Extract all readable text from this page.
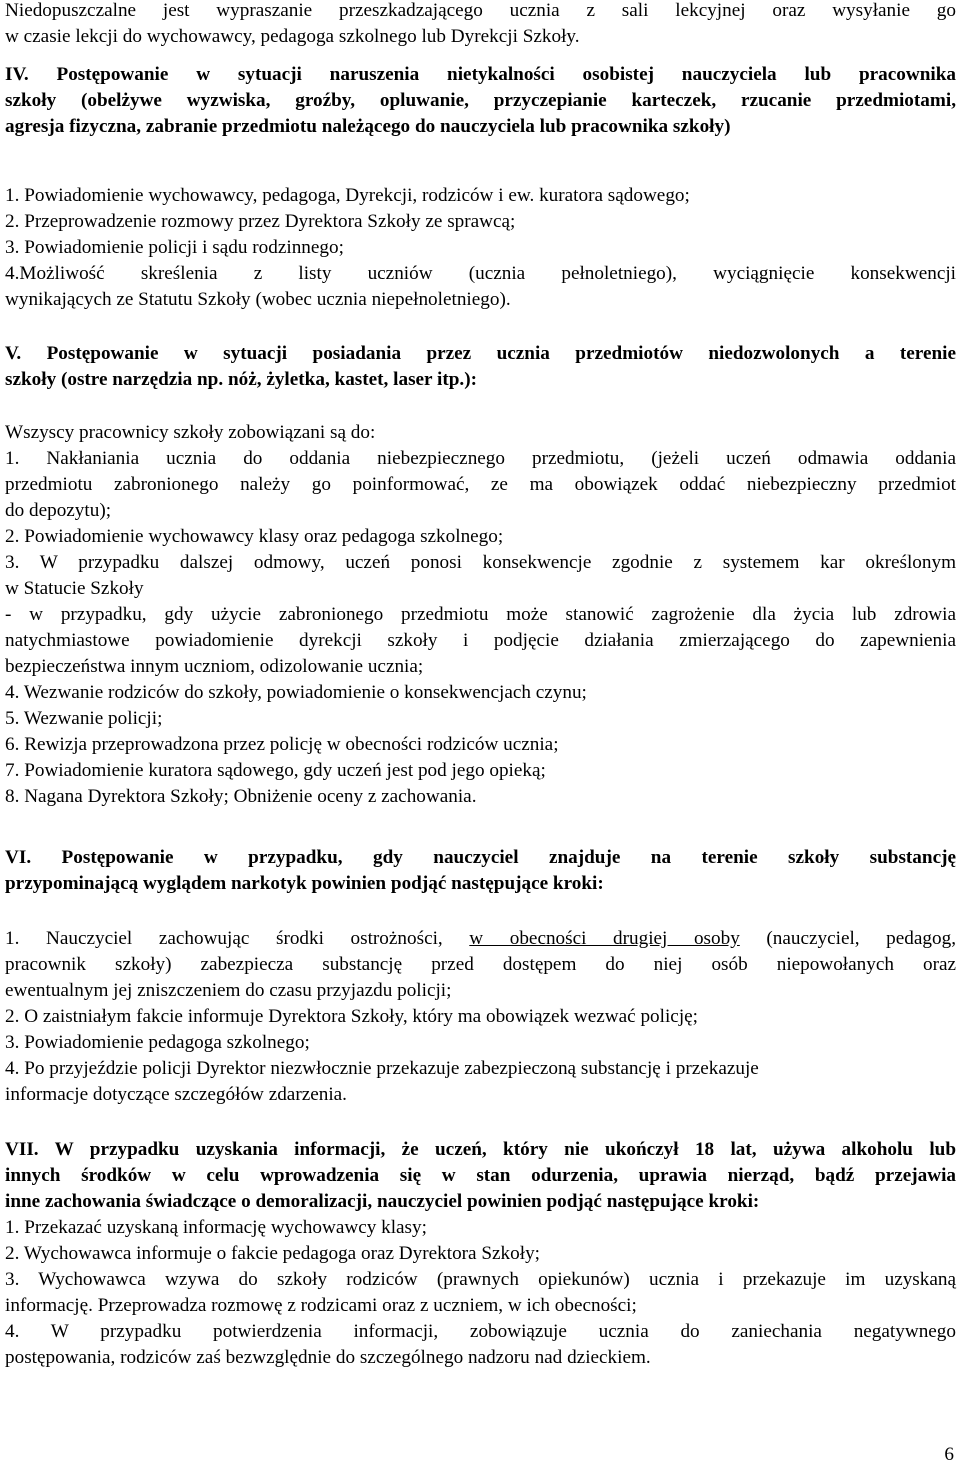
Niedopuszczalne jest wypraszanie przeszkadzającego ucznia z sali lekcyjnej oraz wysyłanie go
w czasie lekcji do wychowawcy, pedagoga szkolnego lub Dyrekcji Szkoły.
IV. Postępowanie w sytuacji naruszenia nietykalności osobistej nauczyciela lub pracownika
szkoły (obelżywe wyzwiska, groźby, opluwanie, przyczepianie karteczek, rzucanie przedmiotami,
agresja fizyczna, zabranie przedmiotu należącego do nauczyciela lub pracownika szkoły)
1. Powiadomienie wychowawcy, pedagoga, Dyrekcji, rodziców i ew. kuratora sądowego;
2. Przeprowadzenie rozmowy przez Dyrektora Szkoły ze sprawcą;
3. Powiadomienie policji i sądu rodzinnego;
4.Możliwość skreślenia z listy uczniów (ucznia pełnoletniego), wyciągnięcie konsekwencji
wynikających ze Statutu Szkoły (wobec ucznia niepełnoletniego).
V. Postępowanie w sytuacji posiadania przez ucznia przedmiotów niedozwolonych a terenie
szkoły (ostre narzędzia np. nóż, żyletka, kastet, laser itp.):
Wszyscy pracownicy szkoły zobowiązani są do:
1. Nakłaniania ucznia do oddania niebezpiecznego przedmiotu, (jeżeli uczeń odmawia oddania
przedmiotu zabronionego należy go poinformować, ze ma obowiązek oddać niebezpieczny przedmiot
do depozytu);
2. Powiadomienie wychowawcy klasy oraz pedagoga szkolnego;
3. W przypadku dalszej odmowy, uczeń ponosi konsekwencje zgodnie z systemem kar określonym
w Statucie Szkoły
- w przypadku, gdy użycie zabronionego przedmiotu może stanowić zagrożenie dla życia lub zdrowia
natychmiastowe powiadomienie dyrekcji szkoły i podjęcie działania zmierzającego do zapewnienia
bezpieczeństwa innym uczniom, odizolowanie ucznia;
4. Wezwanie rodziców do szkoły, powiadomienie o konsekwencjach czynu;
5. Wezwanie policji;
6. Rewizja przeprowadzona przez policję w obecności rodziców ucznia;
7. Powiadomienie kuratora sądowego, gdy uczeń jest pod jego opieką;
8. Nagana Dyrektora Szkoły; Obniżenie oceny z zachowania.
VI. Postępowanie w przypadku, gdy nauczyciel znajduje na terenie szkoły substancję
przypominającą wyglądem narkotyk powinien podjąć następujące kroki:
1. Nauczyciel zachowując środki ostrożności, w obecności drugiej osoby (nauczyciel, pedagog,
pracownik szkoły) zabezpiecza substancję przed dostępem do niej osób niepowołanych oraz
ewentualnym jej zniszczeniem do czasu przyjazdu policji;
2. O zaistniałym fakcie informuje Dyrektora Szkoły, który ma obowiązek wezwać policję;
3. Powiadomienie pedagoga szkolnego;
4. Po przyjeździe policji Dyrektor niezwłocznie przekazuje zabezpieczoną substancję i przekazuje
informacje dotyczące szczegółów zdarzenia.
VII. W przypadku uzyskania informacji, że uczeń, który nie ukończył 18 lat, używa alkoholu lub
innych środków w celu wprowadzenia się w stan odurzenia, uprawia nierząd, bądź przejawia
inne zachowania świadczące o demoralizacji, nauczyciel powinien podjąć następujące kroki:
1. Przekazać uzyskaną informację wychowawcy klasy;
2. Wychowawca informuje o fakcie pedagoga oraz Dyrektora Szkoły;
3. Wychowawca wzywa do szkoły rodziców (prawnych opiekunów) ucznia i przekazuje im uzyskaną
informację. Przeprowadza rozmowę z rodzicami oraz z uczniem, w ich obecności;
4. W przypadku potwierdzenia informacji, zobowiązuje ucznia do zaniechania negatywnego
postępowania, rodziców zaś bezwzględnie do szczególnego nadzoru nad dzieckiem.
6
